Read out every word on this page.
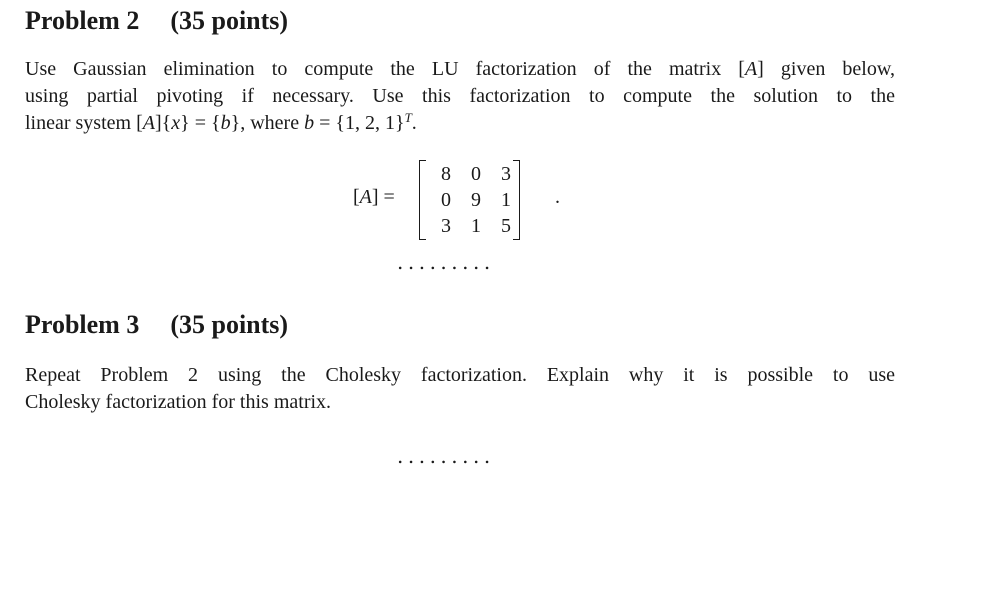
Problem 2 (35 points)
Use Gaussian elimination to compute the LU factorization of the matrix [A] given below,
using partial pivoting if necessary. Use this factorization to compute the solution to the
linear system [A]{x} = {b}, where b = {1, 2, 1}$^T$.
[A] =
8	0	3
0	9	1
3	1	5
.
.........
Problem 3 (35 points)
Repeat Problem 2 using the Cholesky factorization. Explain why it is possible to use
Cholesky factorization for this matrix.
.........
